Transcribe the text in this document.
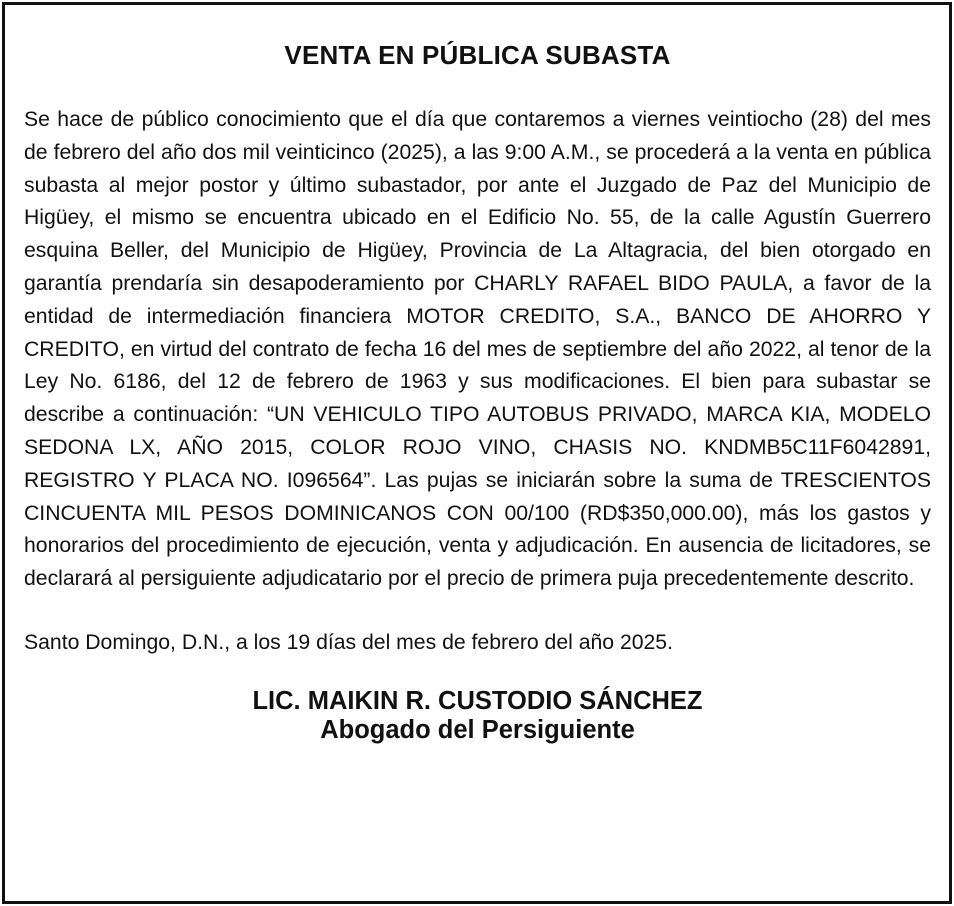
VENTA EN PÚBLICA SUBASTA

Se hace de público conocimiento que el día que contaremos a viernes veintiocho (28) del mes de febrero del año dos mil veinticinco (2025), a las 9:00 A.M., se procederá a la venta en pública subasta al mejor postor y último subastador, por ante el Juzgado de Paz del Municipio de Higüey, el mismo se encuentra ubicado en el Edificio No. 55, de la calle Agustín Guerrero esquina Beller, del Municipio de Higüey, Provincia de La Altagracia, del bien otorgado en garantía prendaría sin desapoderamiento por CHARLY RAFAEL BIDO PAULA, a favor de la entidad de intermediación financiera MOTOR CREDITO, S.A., BANCO DE AHORRO Y CREDITO, en virtud del contrato de fecha 16 del mes de septiembre del año 2022, al tenor de la Ley No. 6186, del 12 de febrero de 1963 y sus modificaciones. El bien para subastar se describe a continuación: “UN VEHICULO TIPO AUTOBUS PRIVADO, MARCA KIA, MODELO SEDONA LX, AÑO 2015, COLOR ROJO VINO, CHASIS NO. KNDMB5C11F6042891, REGISTRO Y PLACA NO. I096564”. Las pujas se iniciarán sobre la suma de TRESCIENTOS CINCUENTA MIL PESOS DOMINICANOS CON 00/100 (RD$350,000.00), más los gastos y honorarios del procedimiento de ejecución, venta y adjudicación. En ausencia de licitadores, se declarará al persiguiente adjudicatario por el precio de primera puja precedentemente descrito.

Santo Domingo, D.N., a los 19 días del mes de febrero del año 2025.

LIC. MAIKIN R. CUSTODIO SÁNCHEZ
Abogado del Persiguiente
